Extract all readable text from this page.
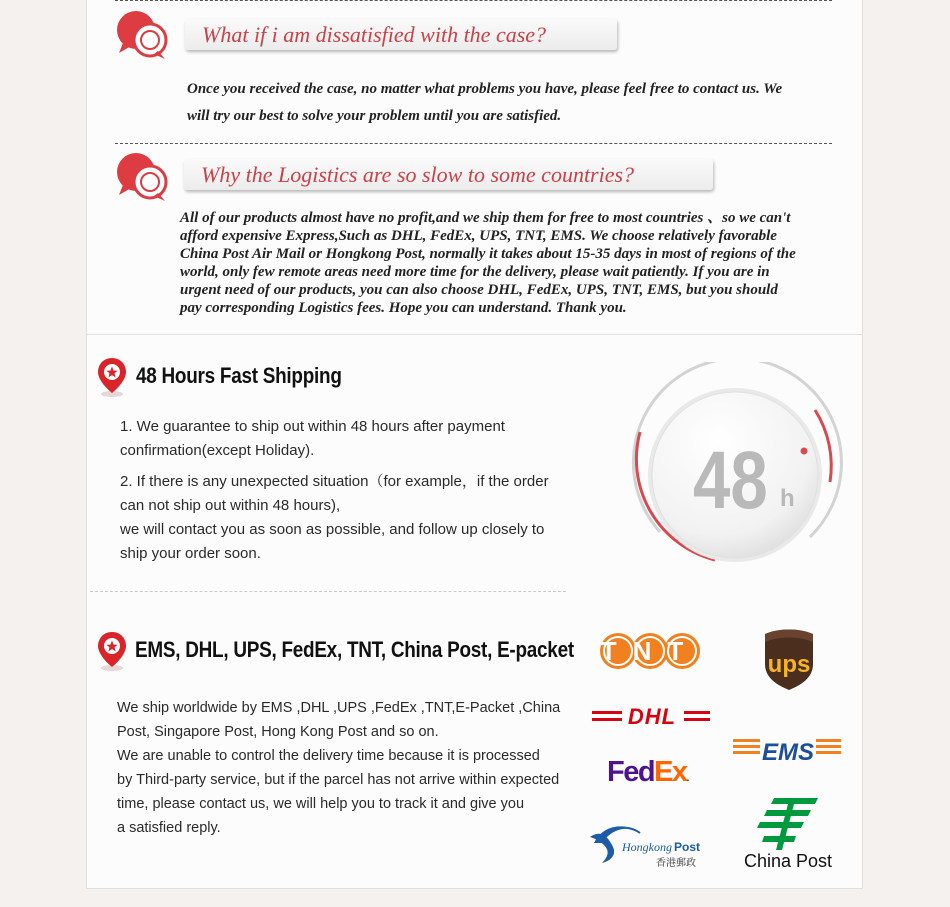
What if i am dissatisfied with the case?

Once you received the case, no matter what problems you have, please feel free to contact us. We

will try our best to solve your problem until you are satisfied.

Why the Logistics are so slow to some countries?

All of our products almost have no profit,and we ship them for free to most countries 、so we can't

afford expensive Express,Such as DHL, FedEx, UPS, TNT, EMS. We choose relatively favorable

China Post Air Mail or Hongkong Post, normally it takes about 15-35 days in most of regions of the

world, only few remote areas need more time for the delivery, please wait patiently. If you are in

urgent need of our products, you can also choose DHL, FedEx, UPS, TNT, EMS, but you should

pay corresponding Logistics fees. Hope you can understand. Thank you.

48 Hours Fast Shipping

1. We guarantee to ship out within 48 hours after payment

confirmation(except Holiday).

2. If there is any unexpected situation（for example，if the order

can not ship out within 48 hours),

we will contact you as soon as possible, and follow up closely to

ship your order soon.

48 h
EMS, DHL, UPS, FedEx, TNT, China Post, E-packet

We ship worldwide by EMS ,DHL ,UPS ,FedEx ,TNT,E-Packet ,China

Post, Singapore Post, Hong Kong Post and so on.

We are unable to control the delivery time because it is processed

by Third-party service, but if the parcel has not arrive within expected

time, please contact us, we will help you to track it and give you

a satisfied reply.

TNT	ups
DHL
EMS
FedEx.
Hongkong Post
香港郵政	China Post
